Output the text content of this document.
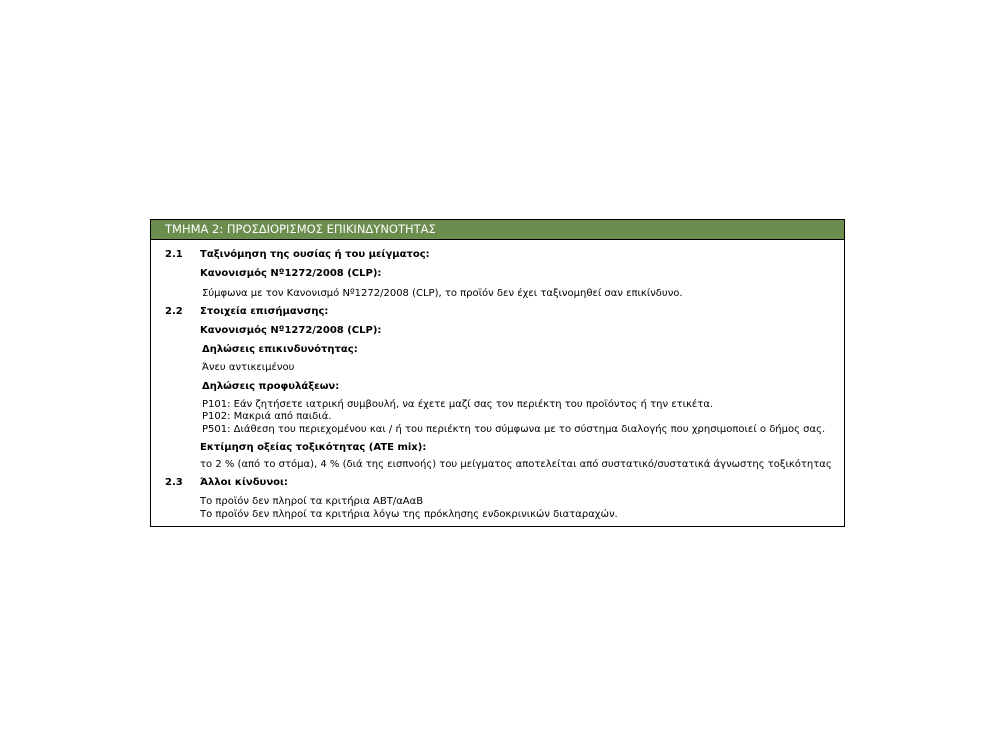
ΤΜΗΜΑ 2: ΠΡΟΣΔΙΟΡΙΣΜΟΣ ΕΠΙΚΙΝΔΥΝΟΤΗΤΑΣ
2.1 Ταξινόμηση της ουσίας ή του μείγματος:
Κανονισμός Nº1272/2008 (CLP):
Σύμφωνα με τον Κανονισμό Nº1272/2008 (CLP), το προϊόν δεν έχει ταξινομηθεί σαν επικίνδυνο.
2.2 Στοιχεία επισήμανσης:
Κανονισμός Nº1272/2008 (CLP):
Δηλώσεις επικινδυνότητας:
Άνευ αντικειμένου
Δηλώσεις προφυλάξεων:
P101: Εάν ζητήσετε ιατρική συμβουλή, να έχετε μαζί σας τον περιέκτη του προϊόντος ή την ετικέτα.
P102: Μακριά από παιδιά.
P501: Διάθεση του περιεχομένου και / ή του περιέκτη του σύμφωνα με το σύστημα διαλογής που χρησιμοποιεί ο δήμος σας.
Εκτίμηση οξείας τοξικότητας (ATE mix):
το 2 % (από το στόμα), 4 % (διά της εισπνοής) του μείγματος αποτελείται από συστατικό/συστατικά άγνωστης τοξικότητας
2.3 Άλλοι κίνδυνοι:
Το προϊόν δεν πληροί τα κριτήρια ΑΒΤ/αΑαΒ
Το προϊόν δεν πληροί τα κριτήρια λόγω της πρόκλησης ενδοκρινικών διαταραχών.
